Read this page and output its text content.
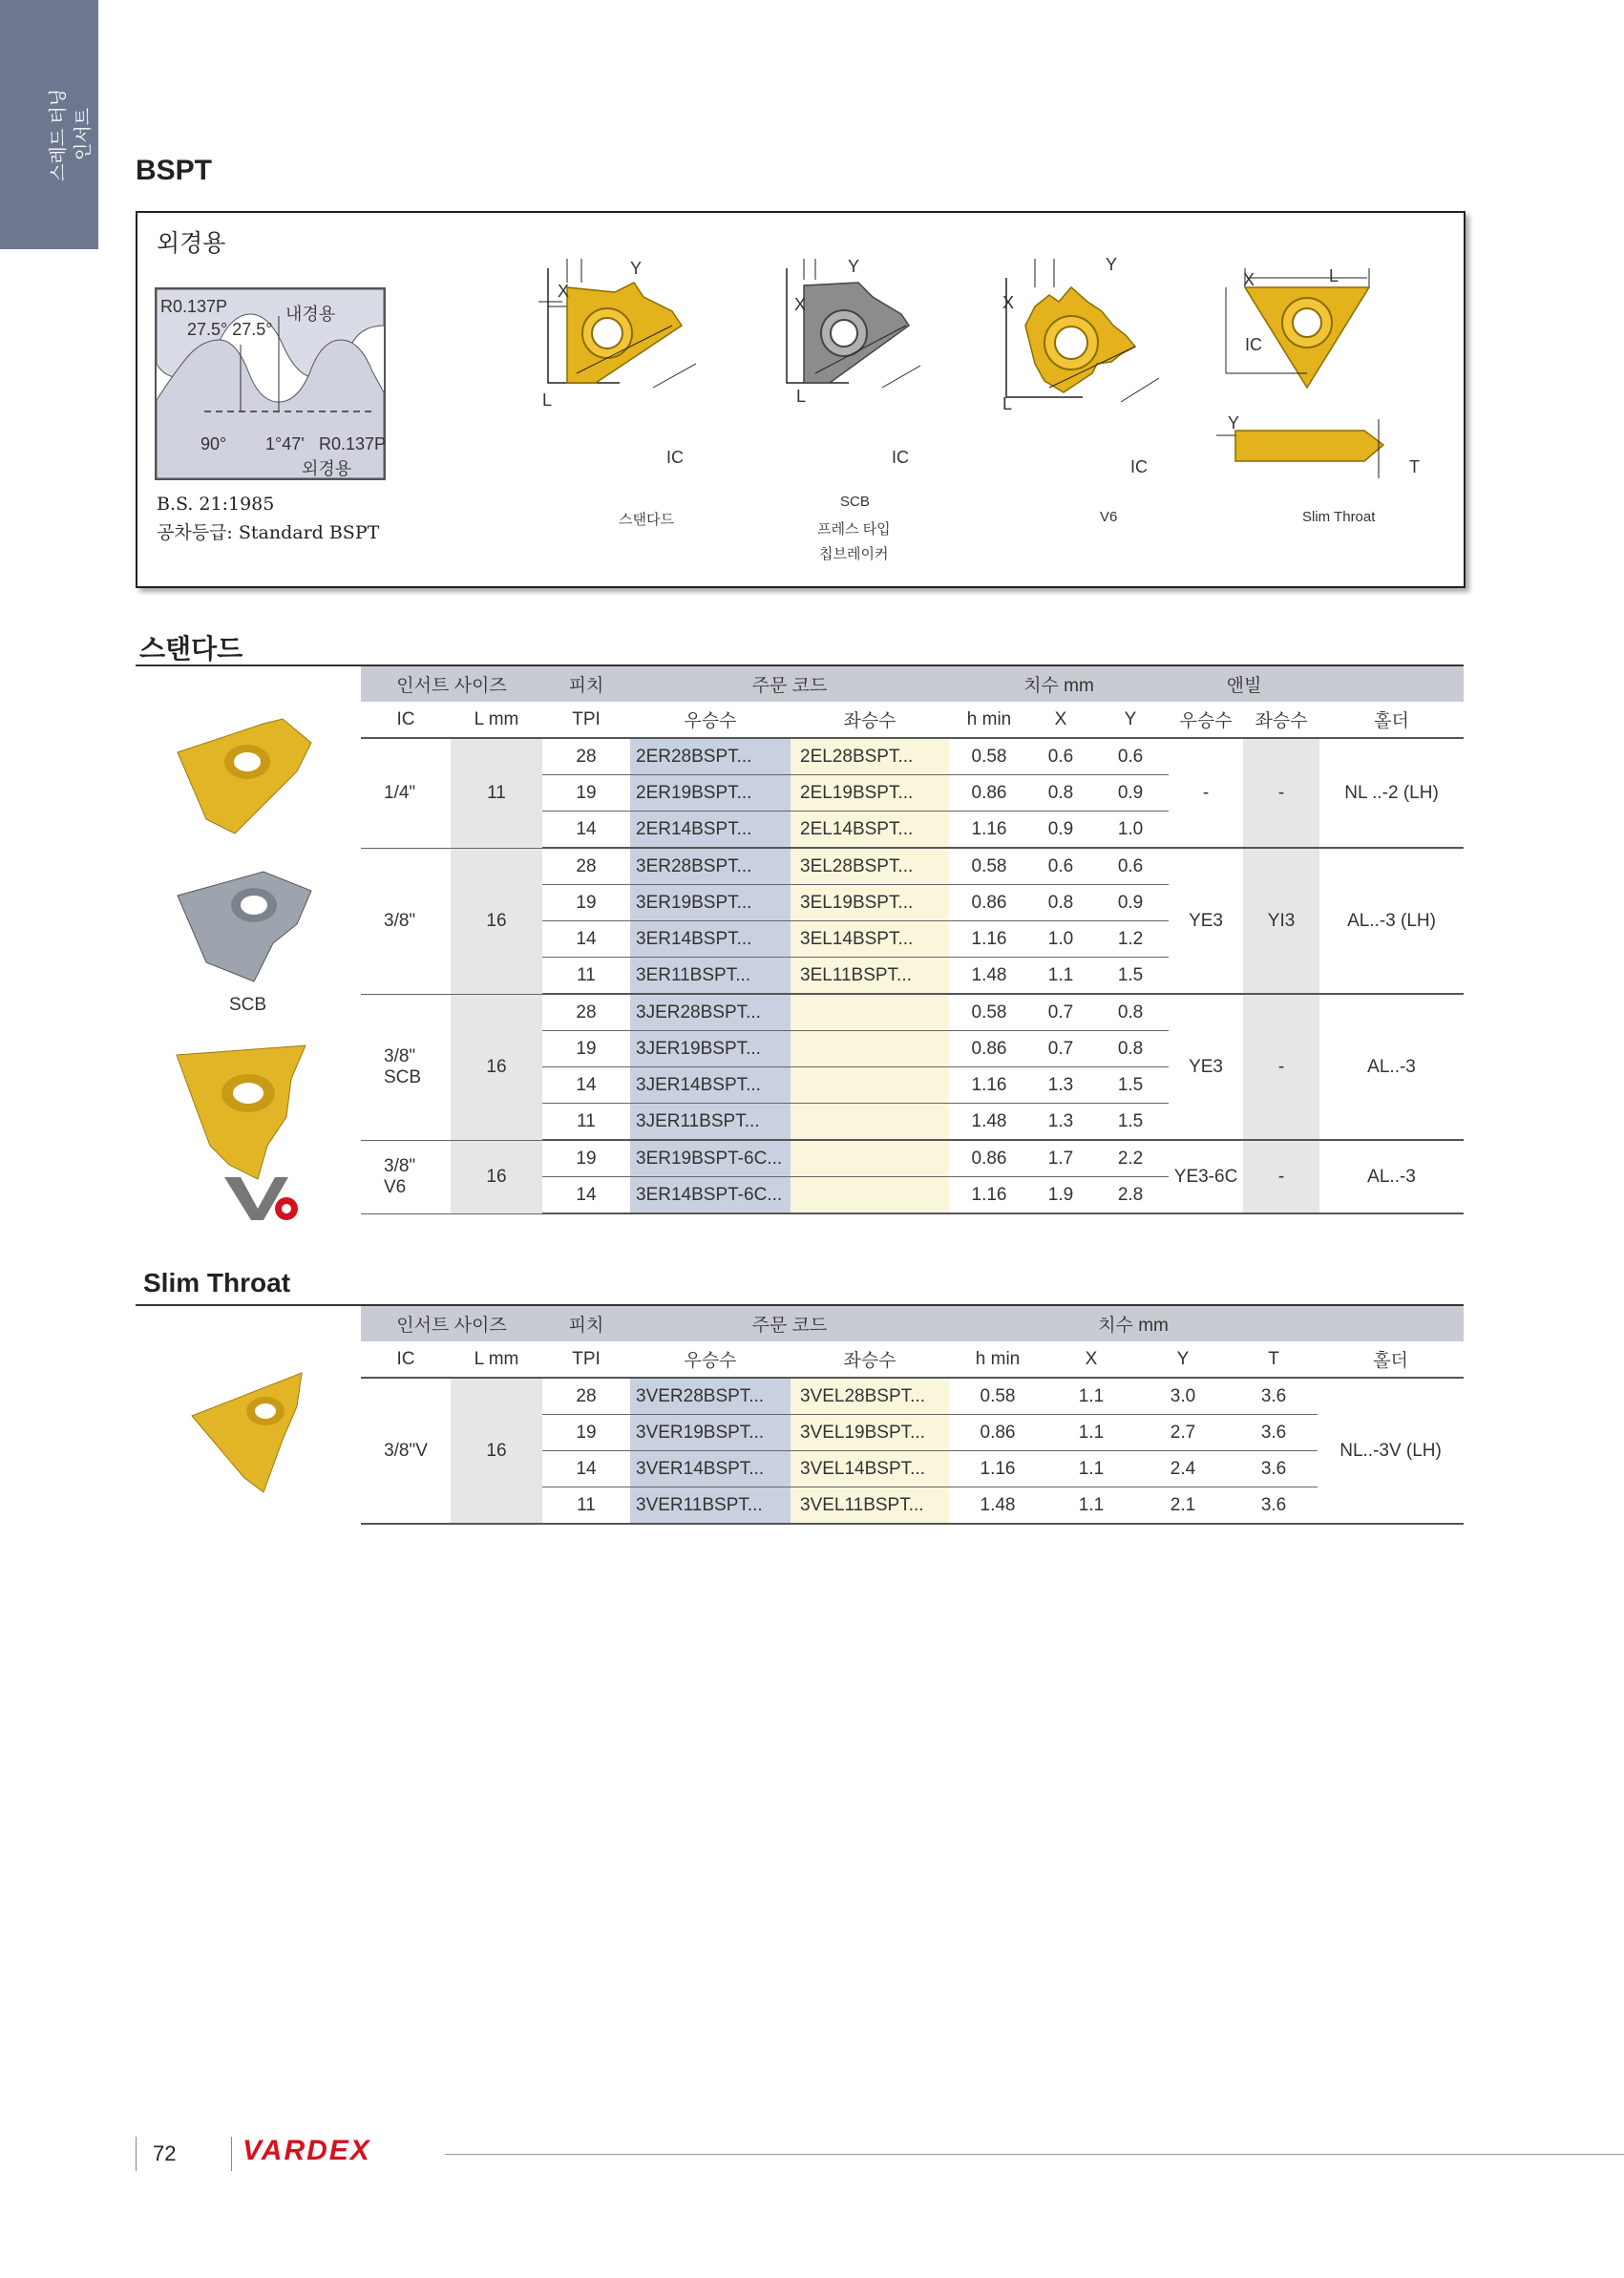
스레드 터닝 인서트
BSPT
외경용
R0.137P	내경용
27.5° 27.5°
90° 1°47' R0.137P
외경용
B.S. 21:1985
공차등급: Standard BSPT
X
Y
L
IC
스탠다드
X
Y
L
IC
SCB
프레스 타입
칩브레이커
X
Y
L
IC
V6
X	L
IC
Y
T
Slim Throat
스탠다드
SCB
인서트 사이즈		피치	주문 코드		치수 mm			앤빌		
IC	L mm	TPI	우승수	좌승수	h min	X	Y	우승수	좌승수	홀더

1/4"	11	28	2ER28BSPT...	2EL28BSPT...	0.58	0.6	0.6	-	-	NL ..-2 (LH)
		19	2ER19BSPT...	2EL19BSPT...	0.86	0.8	0.9			
		14	2ER14BSPT...	2EL14BSPT...	1.16	0.9	1.0			

3/8"	16	28	3ER28BSPT...	3EL28BSPT...	0.58	0.6	0.6	YE3	YI3	AL..-3 (LH)
		19	3ER19BSPT...	3EL19BSPT...	0.86	0.8	0.9			
		14	3ER14BSPT...	3EL14BSPT...	1.16	1.0	1.2			
		11	3ER11BSPT...	3EL11BSPT...	1.48	1.1	1.5			

3/8"
SCB	16	28	3JER28BSPT...		0.58	0.7	0.8	YE3	-	AL..-3
		19	3JER19BSPT...		0.86	0.7	0.8			
		14	3JER14BSPT...		1.16	1.3	1.5			
		11	3JER11BSPT...		1.48	1.3	1.5			

3/8"
V6	16	19	3ER19BSPT-6C...		0.86	1.7	2.2	YE3-6C	-	AL..-3
		14	3ER14BSPT-6C...		1.16	1.9	2.8			
Slim Throat
인서트 사이즈		피치	주문 코드		치수 mm				
IC	L mm	TPI	우승수	좌승수	h min	X	Y	T	홀더
3/8"V	16	28	3VER28BSPT...	3VEL28BSPT...	0.58	1.1	3.0	3.6	NL..-3V (LH)
		19	3VER19BSPT...	3VEL19BSPT...	0.86	1.1	2.7	3.6	
		14	3VER14BSPT...	3VEL14BSPT...	1.16	1.1	2.4	3.6	
		11	3VER11BSPT...	3VEL11BSPT...	1.48	1.1	2.1	3.6	
72 VARDEX
